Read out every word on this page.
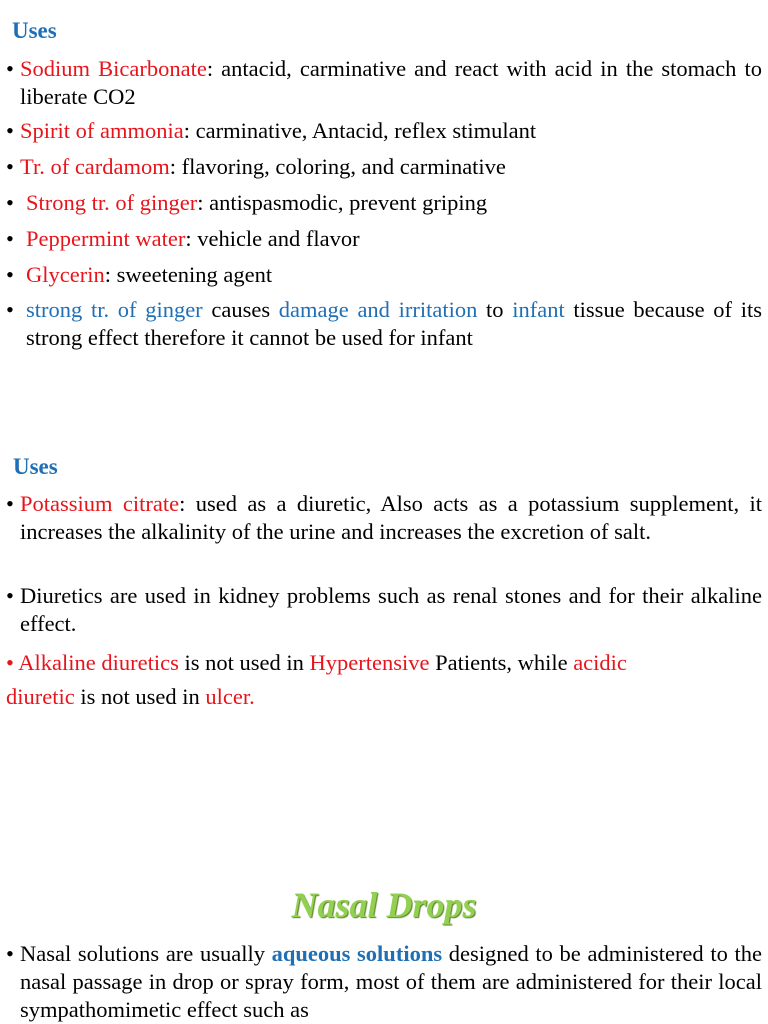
Uses
• Sodium Bicarbonate: antacid, carminative and react with acid in the stomach to liberate CO2
• Spirit of ammonia: carminative, Antacid, reflex stimulant
• Tr. of cardamom: flavoring, coloring, and carminative
• Strong tr. of ginger: antispasmodic, prevent griping
• Peppermint water: vehicle and flavor
• Glycerin: sweetening agent
• strong tr. of ginger causes damage and irritation to infant tissue because of its strong effect therefore it cannot be used for infant
Uses
• Potassium citrate: used as a diuretic, Also acts as a potassium supplement, it increases the alkalinity of the urine and increases the excretion of salt.
• Diuretics are used in kidney problems such as renal stones and for their alkaline effect.
• Alkaline diuretics is not used in Hypertensive Patients, while acidic
diuretic is not used in ulcer.
Nasal Drops
• Nasal solutions are usually aqueous solutions designed to be administered to the nasal passage in drop or spray form, most of them are administered for their local sympathomimetic effect such as
